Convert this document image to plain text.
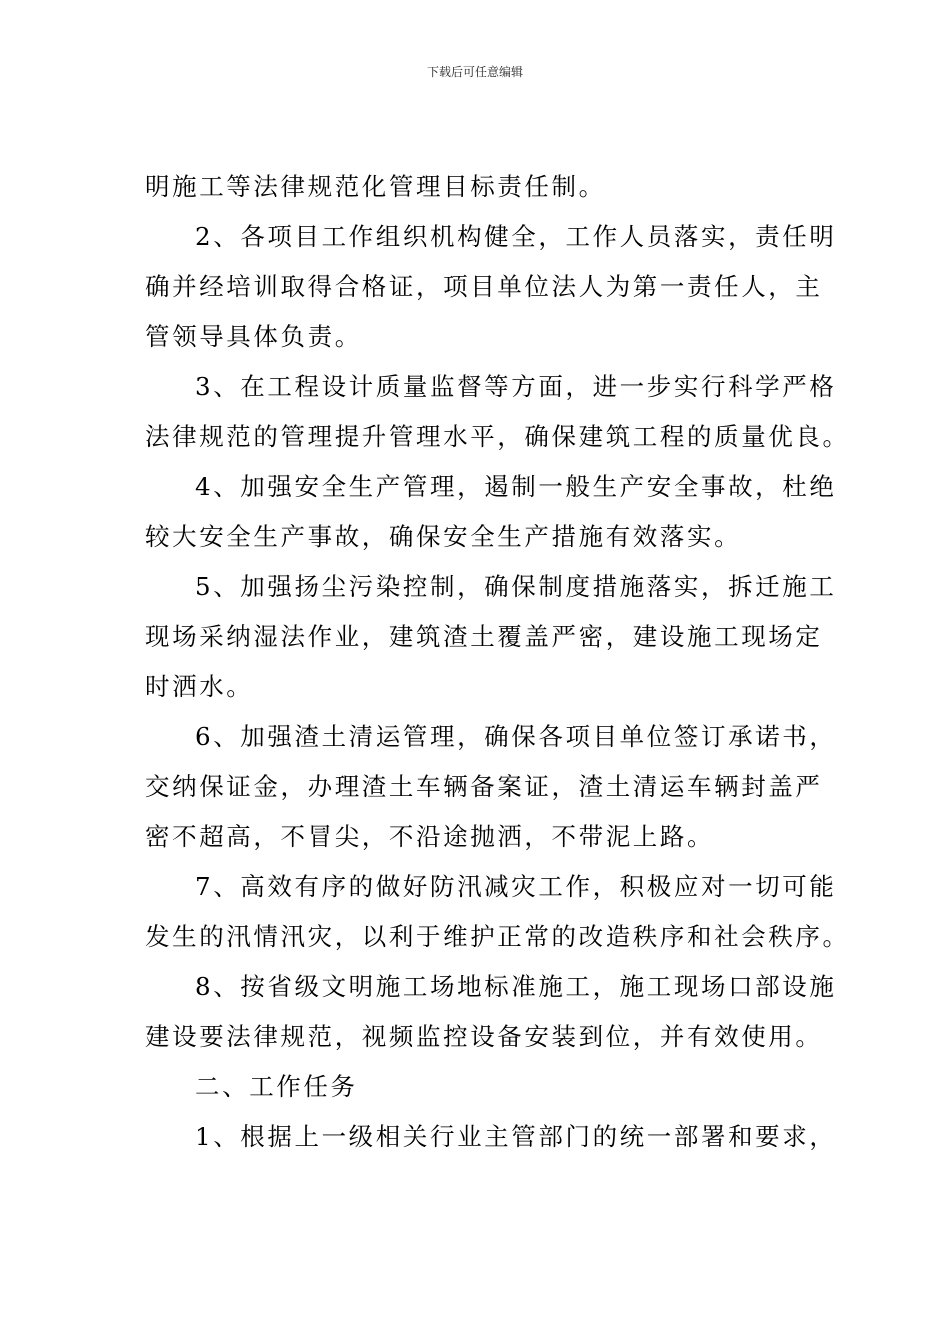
下载后可任意编辑

明施工等法律规范化管理目标责任制。

2、各项目工作组织机构健全，工作人员落实，责任明
确并经培训取得合格证，项目单位法人为第一责任人，主
管领导具体负责。

3、在工程设计质量监督等方面，进一步实行科学严格
法律规范的管理提升管理水平，确保建筑工程的质量优良。

4、加强安全生产管理，遏制一般生产安全事故，杜绝
较大安全生产事故，确保安全生产措施有效落实。

5、加强扬尘污染控制，确保制度措施落实，拆迁施工
现场采纳湿法作业，建筑渣土覆盖严密，建设施工现场定
时洒水。

6、加强渣土清运管理，确保各项目单位签订承诺书，
交纳保证金，办理渣土车辆备案证，渣土清运车辆封盖严
密不超高，不冒尖，不沿途抛洒，不带泥上路。

7、高效有序的做好防汛减灾工作，积极应对一切可能
发生的汛情汛灾，以利于维护正常的改造秩序和社会秩序。

8、按省级文明施工场地标准施工，施工现场口部设施
建设要法律规范，视频监控设备安装到位，并有效使用。

二、工作任务

1、根据上一级相关行业主管部门的统一部署和要求，
